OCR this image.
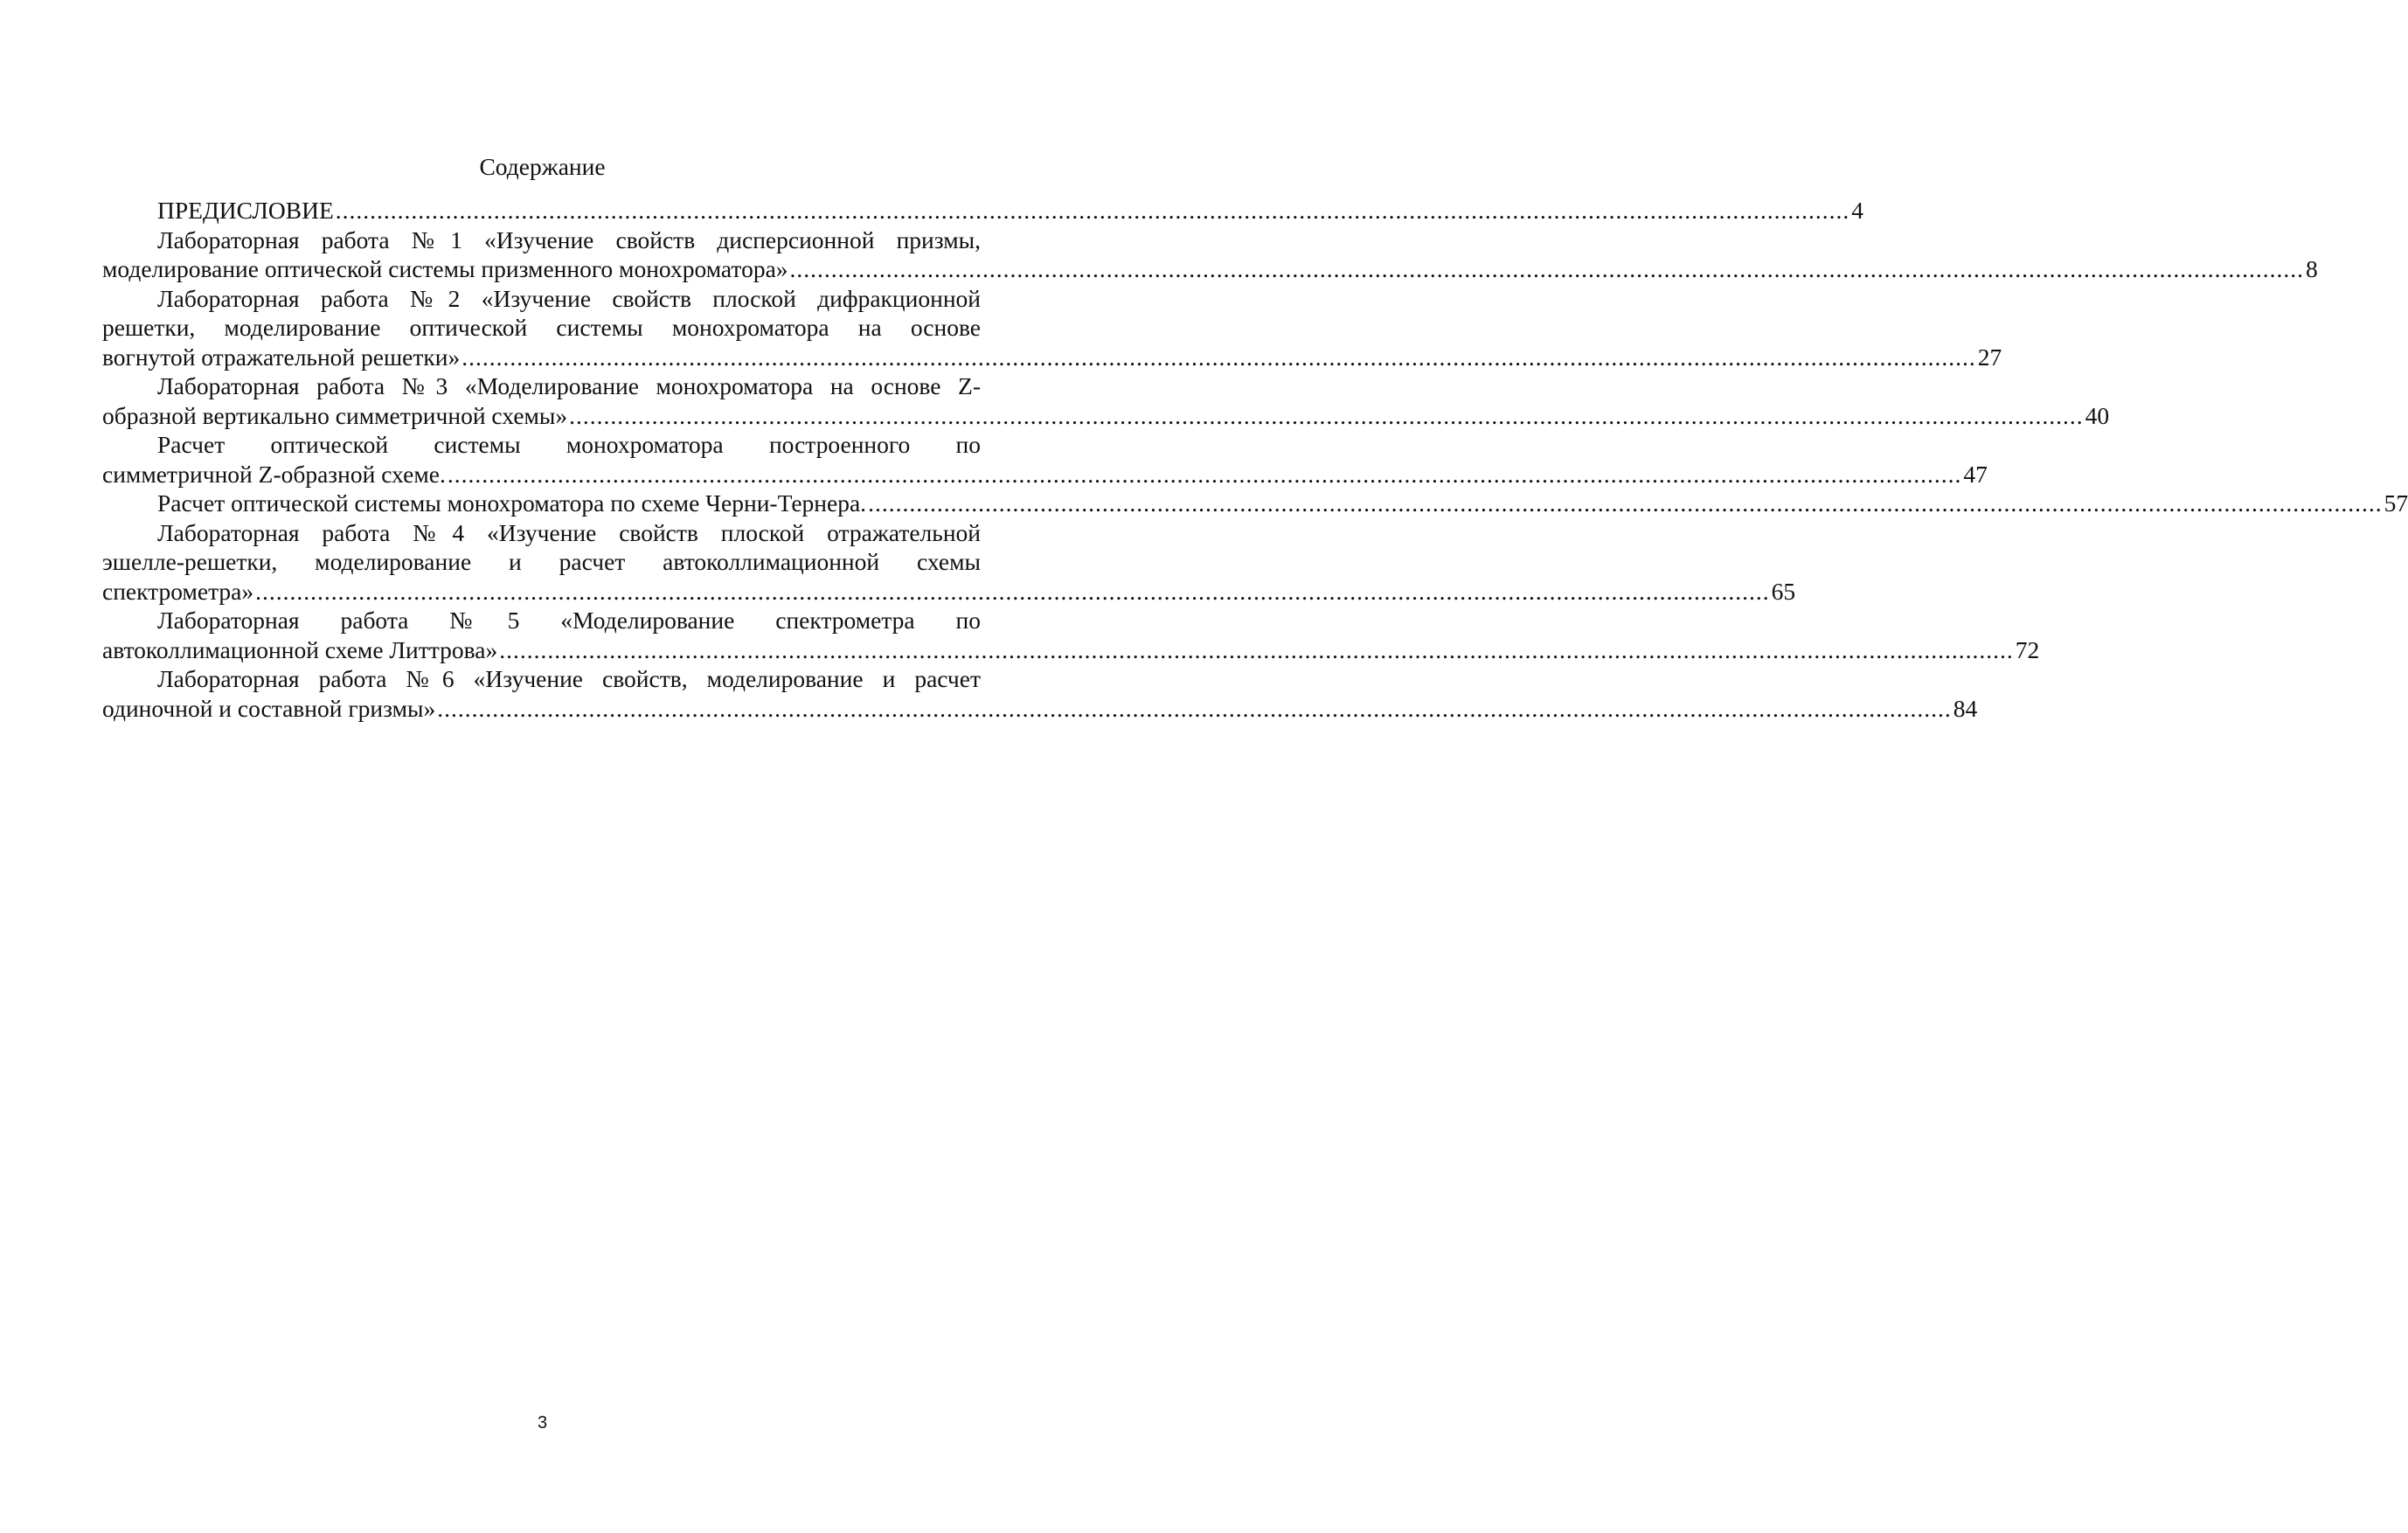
Содержание
ПРЕДИСЛОВИЕ ............................................................................................................................................................................................................................ 4
Лабораторная работа №1 «Изучение свойств дисперсионной призмы,
моделирование оптической системы призменного монохроматора» ............................................................................................................................................................................................................................ 8
Лабораторная работа №2 «Изучение свойств плоской дифракционной
решетки, моделирование оптической системы монохроматора на основе
вогнутой отражательной решетки» ............................................................................................................................................................................................................................ 27
Лабораторная работа №3 «Моделирование монохроматора на основе Z-
образной вертикально симметричной схемы» ............................................................................................................................................................................................................................ 40
Расчет оптической системы монохроматора построенного по
симметричной Z-образной схеме. ............................................................................................................................................................................................................................ 47
Расчет оптической системы монохроматора по схеме Черни-Тернера. ............................................................................................................................................................................................................................ 57
Лабораторная работа №4 «Изучение свойств плоской отражательной
эшелле-решетки, моделирование и расчет автоколлимационной схемы
спектрометра» ............................................................................................................................................................................................................................ 65
Лабораторная работа №5 «Моделирование спектрометра по
автоколлимационной схеме Литтрова» ............................................................................................................................................................................................................................ 72
Лабораторная работа №6 «Изучение свойств, моделирование и расчет
одиночной и составной гризмы» ............................................................................................................................................................................................................................ 84
3
